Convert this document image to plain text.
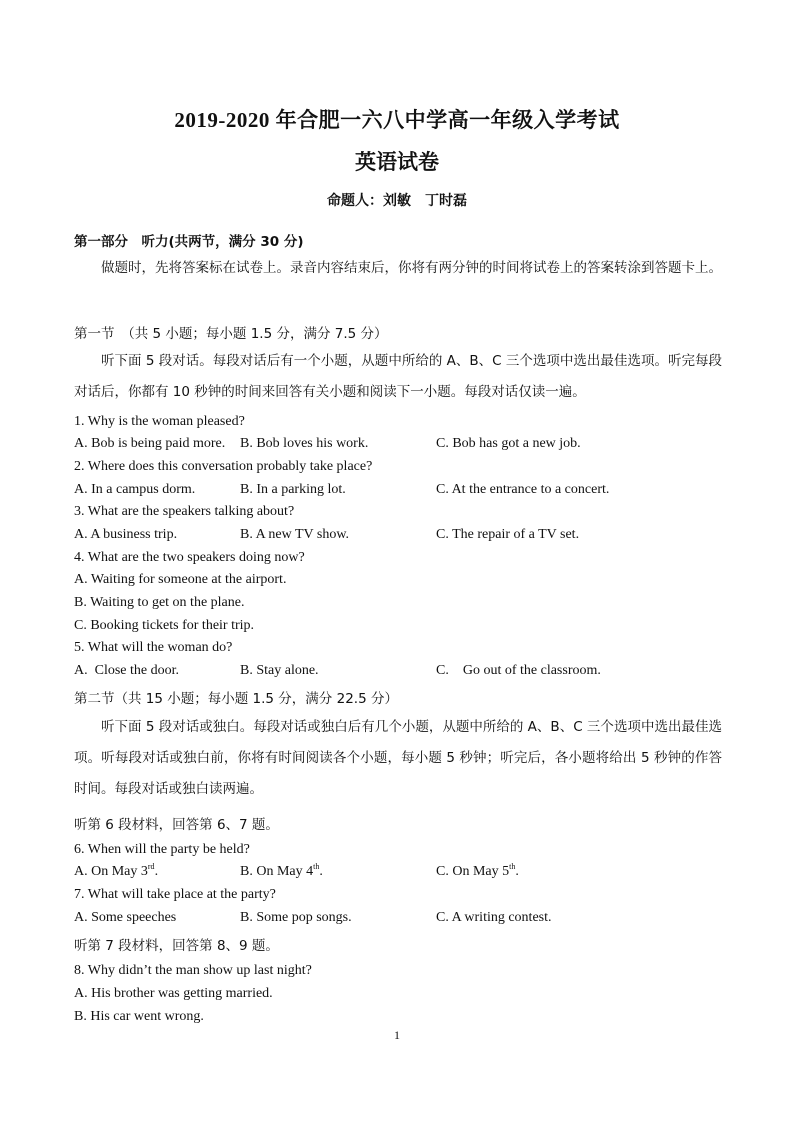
2019-2020 年合肥一六八中学高一年级入学考试
英语试卷
命题人：刘敏　丁时磊
第一部分　听力(共两节，满分 30 分)
做题时，先将答案标在试卷上。录音内容结束后，你将有两分钟的时间将试卷上的答案转涂到答题卡上。
第一节　（共 5 小题；每小题 1.5 分，满分 7.5 分）
听下面 5 段对话。每段对话后有一个小题，从题中所给的 A、B、C 三个选项中选出最佳选项。听完每段对话后，你都有 10 秒钟的时间来回答有关小题和阅读下一小题。每段对话仅读一遍。
1. Why is the woman pleased?
A. Bob is being paid more. B. Bob loves his work.	C. Bob has got a new job.
2. Where does this conversation probably take place?
A. In a campus dorm.	B. In a parking lot.	C. At the entrance to a concert.
3. What are the speakers talking about?
A. A business trip.	B. A new TV show.	C. The repair of a TV set.
4. What are the two speakers doing now?
A. Waiting for someone at the airport.
B. Waiting to get on the plane.
C. Booking tickets for their trip.
5. What will the woman do?
A.  Close the door.	B. Stay alone.	C.    Go out of the classroom.
第二节（共 15 小题；每小题 1.5 分，满分 22.5 分）
听下面 5 段对话或独白。每段对话或独白后有几个小题，从题中所给的 A、B、C 三个选项中选出最佳选项。听每段对话或独白前，你将有时间阅读各个小题，每小题 5 秒钟；听完后，各小题将给出 5 秒钟的作答时间。每段对话或独白读两遍。
听第 6 段材料，回答第 6、7 题。
6. When will the party be held?
A. On May 3rd.	B. On May 4th.	C. On May 5th.
7. What will take place at the party?
A. Some speeches	B. Some pop songs.	C. A writing contest.
听第 7 段材料，回答第 8、9 题。
8. Why didn’t the man show up last night?
A. His brother was getting married.
B. His car went wrong.
1
